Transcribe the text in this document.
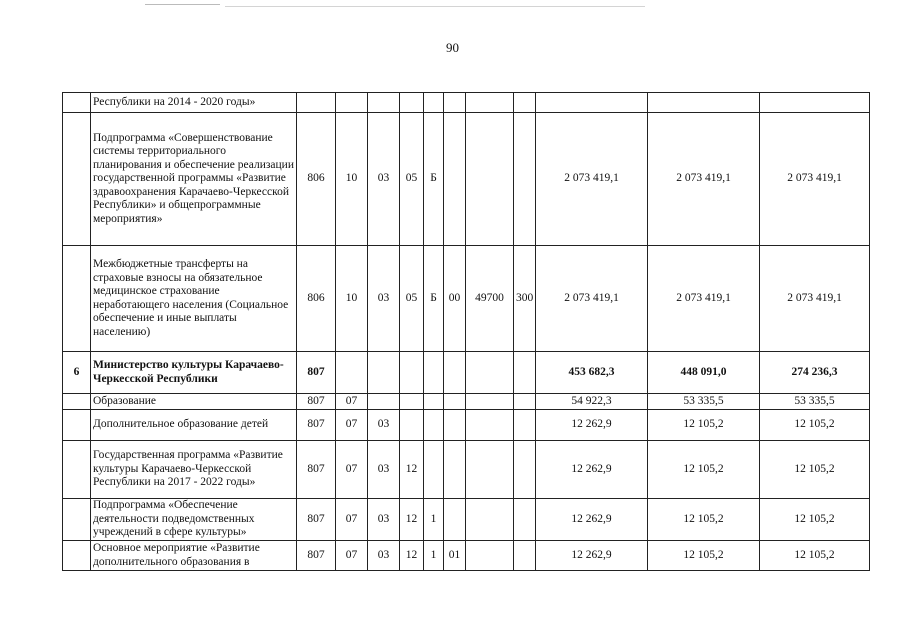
90
	Республики на 2014 - 2020 годы»											
	Подпрограмма «Совершенствование системы территориального планирования и обеспечение реализации государственной программы «Развитие здравоохранения Карачаево-Черкесской Республики» и общепрограммные мероприятия»	806	10	03	05	Б				2 073 419,1	2 073 419,1	2 073 419,1
	Межбюджетные трансферты на страховые взносы на обязательное медицинское страхование неработающего населения (Социальное обеспечение и иные выплаты населению)	806	10	03	05	Б	00	49700	300	2 073 419,1	2 073 419,1	2 073 419,1
6	Министерство культуры Карачаево-Черкесской Республики	807								453 682,3	448 091,0	274 236,3
	Образование	807	07							54 922,3	53 335,5	53 335,5
	Дополнительное образование детей	807	07	03						12 262,9	12 105,2	12 105,2
	Государственная программа «Развитие культуры Карачаево-Черкесской Республики на 2017 - 2022 годы»	807	07	03	12					12 262,9	12 105,2	12 105,2
	Подпрограмма «Обеспечение деятельности подведомственных учреждений в сфере культуры»	807	07	03	12	1				12 262,9	12 105,2	12 105,2
	Основное мероприятие «Развитие дополнительного образования в	807	07	03	12	1	01			12 262,9	12 105,2	12 105,2
